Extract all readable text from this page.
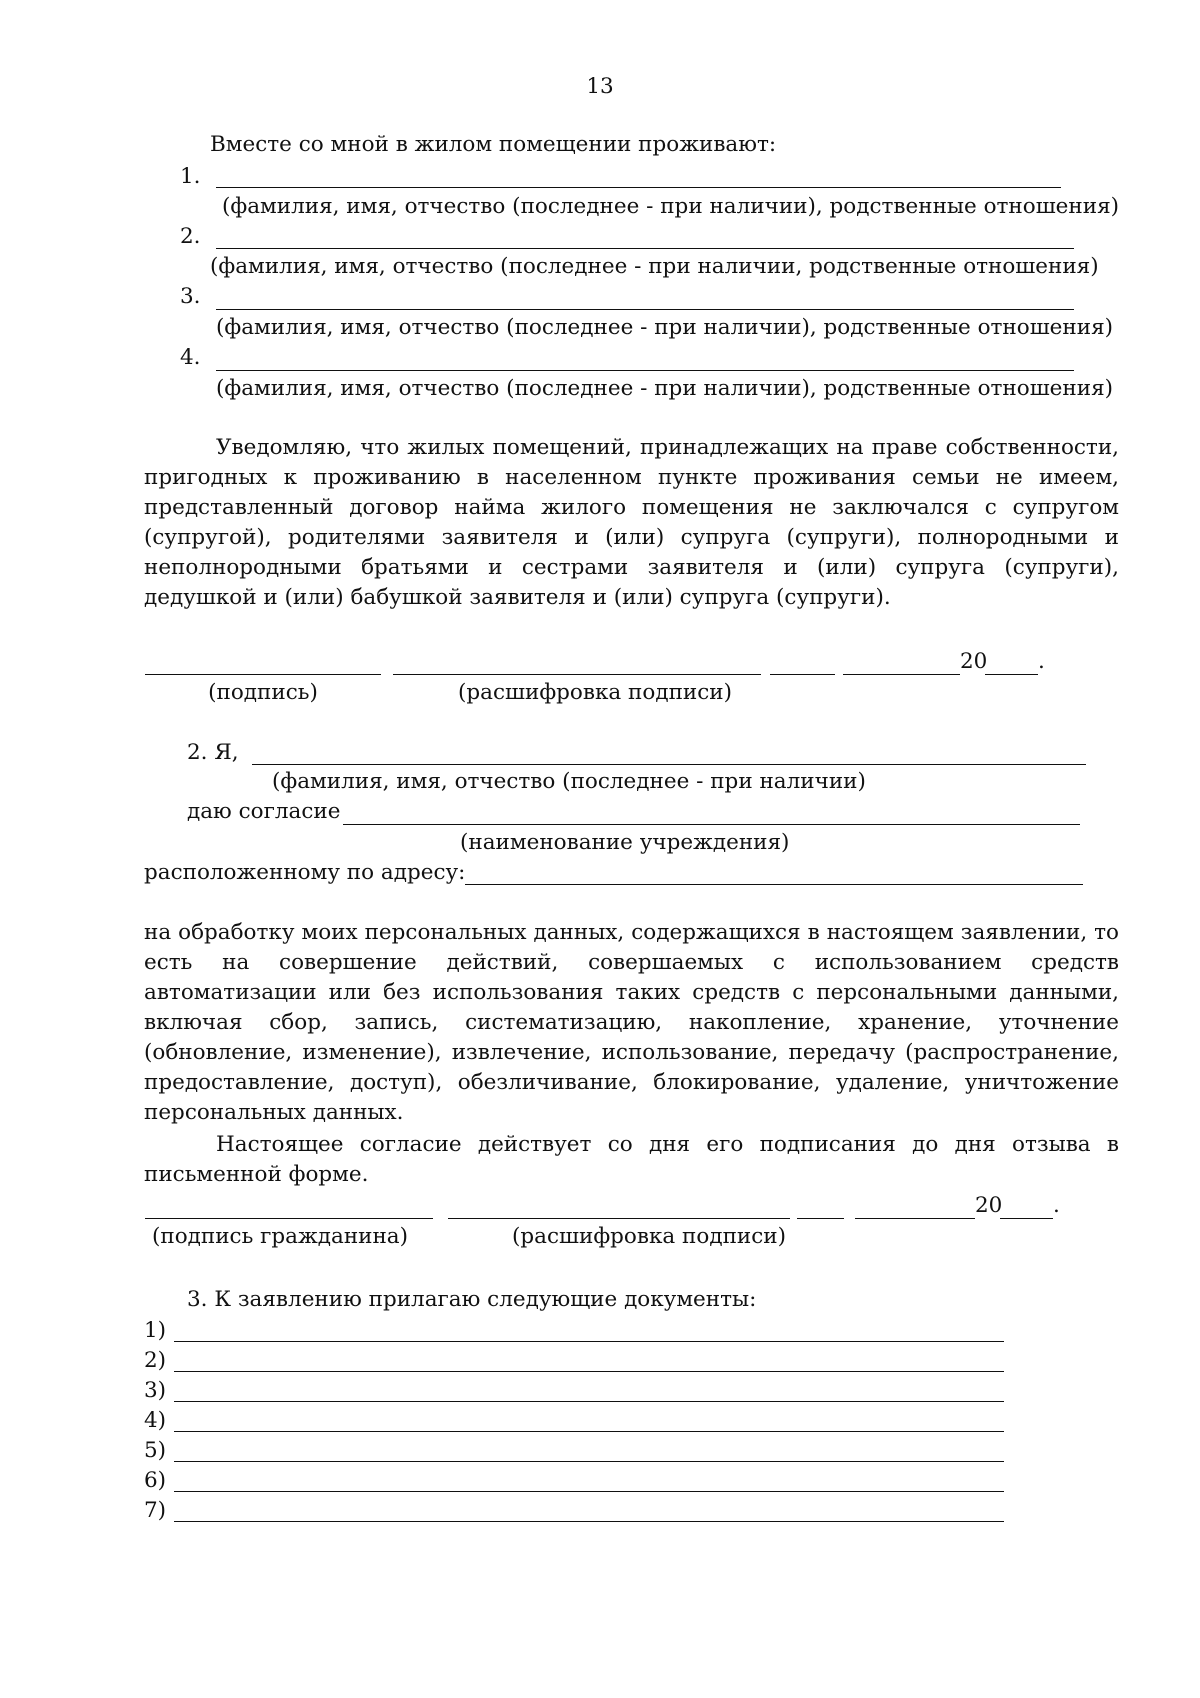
13
Вместе со мной в жилом помещении проживают:
1.
(фамилия, имя, отчество (последнее - при наличии), родственные отношения)
2.
(фамилия, имя, отчество (последнее - при наличии, родственные отношения)
3.
(фамилия, имя, отчество (последнее - при наличии), родственные отношения)
4.
(фамилия, имя, отчество (последнее - при наличии), родственные отношения)
Уведомляю, что жилых помещений, принадлежащих на праве собственности, пригодных к проживанию в населенном пункте проживания семьи не имеем, представленный договор найма жилого помещения не заключался с супругом (супругой), родителями заявителя и (или) супруга (супруги), полнородными и неполнородными братьями и сестрами заявителя и (или) супруга (супруги), дедушкой и (или) бабушкой заявителя и (или) супруга (супруги).
20 .
(подпись)	(расшифровка подписи)
2. Я,
(фамилия, имя, отчество (последнее - при наличии)
даю согласие
(наименование учреждения)
расположенному по адресу:
на обработку моих персональных данных, содержащихся в настоящем заявлении, то есть на совершение действий, совершаемых с использованием средств автоматизации или без использования таких средств с персональными данными, включая сбор, запись, систематизацию, накопление, хранение, уточнение (обновление, изменение), извлечение, использование, передачу (распространение, предоставление, доступ), обезличивание, блокирование, удаление, уничтожение персональных данных.
Настоящее согласие действует со дня его подписания до дня отзыва в письменной форме.
20 .
(подпись гражданина)	(расшифровка подписи)
3. К заявлению прилагаю следующие документы:
1)
2)
3)
4)
5)
6)
7)
